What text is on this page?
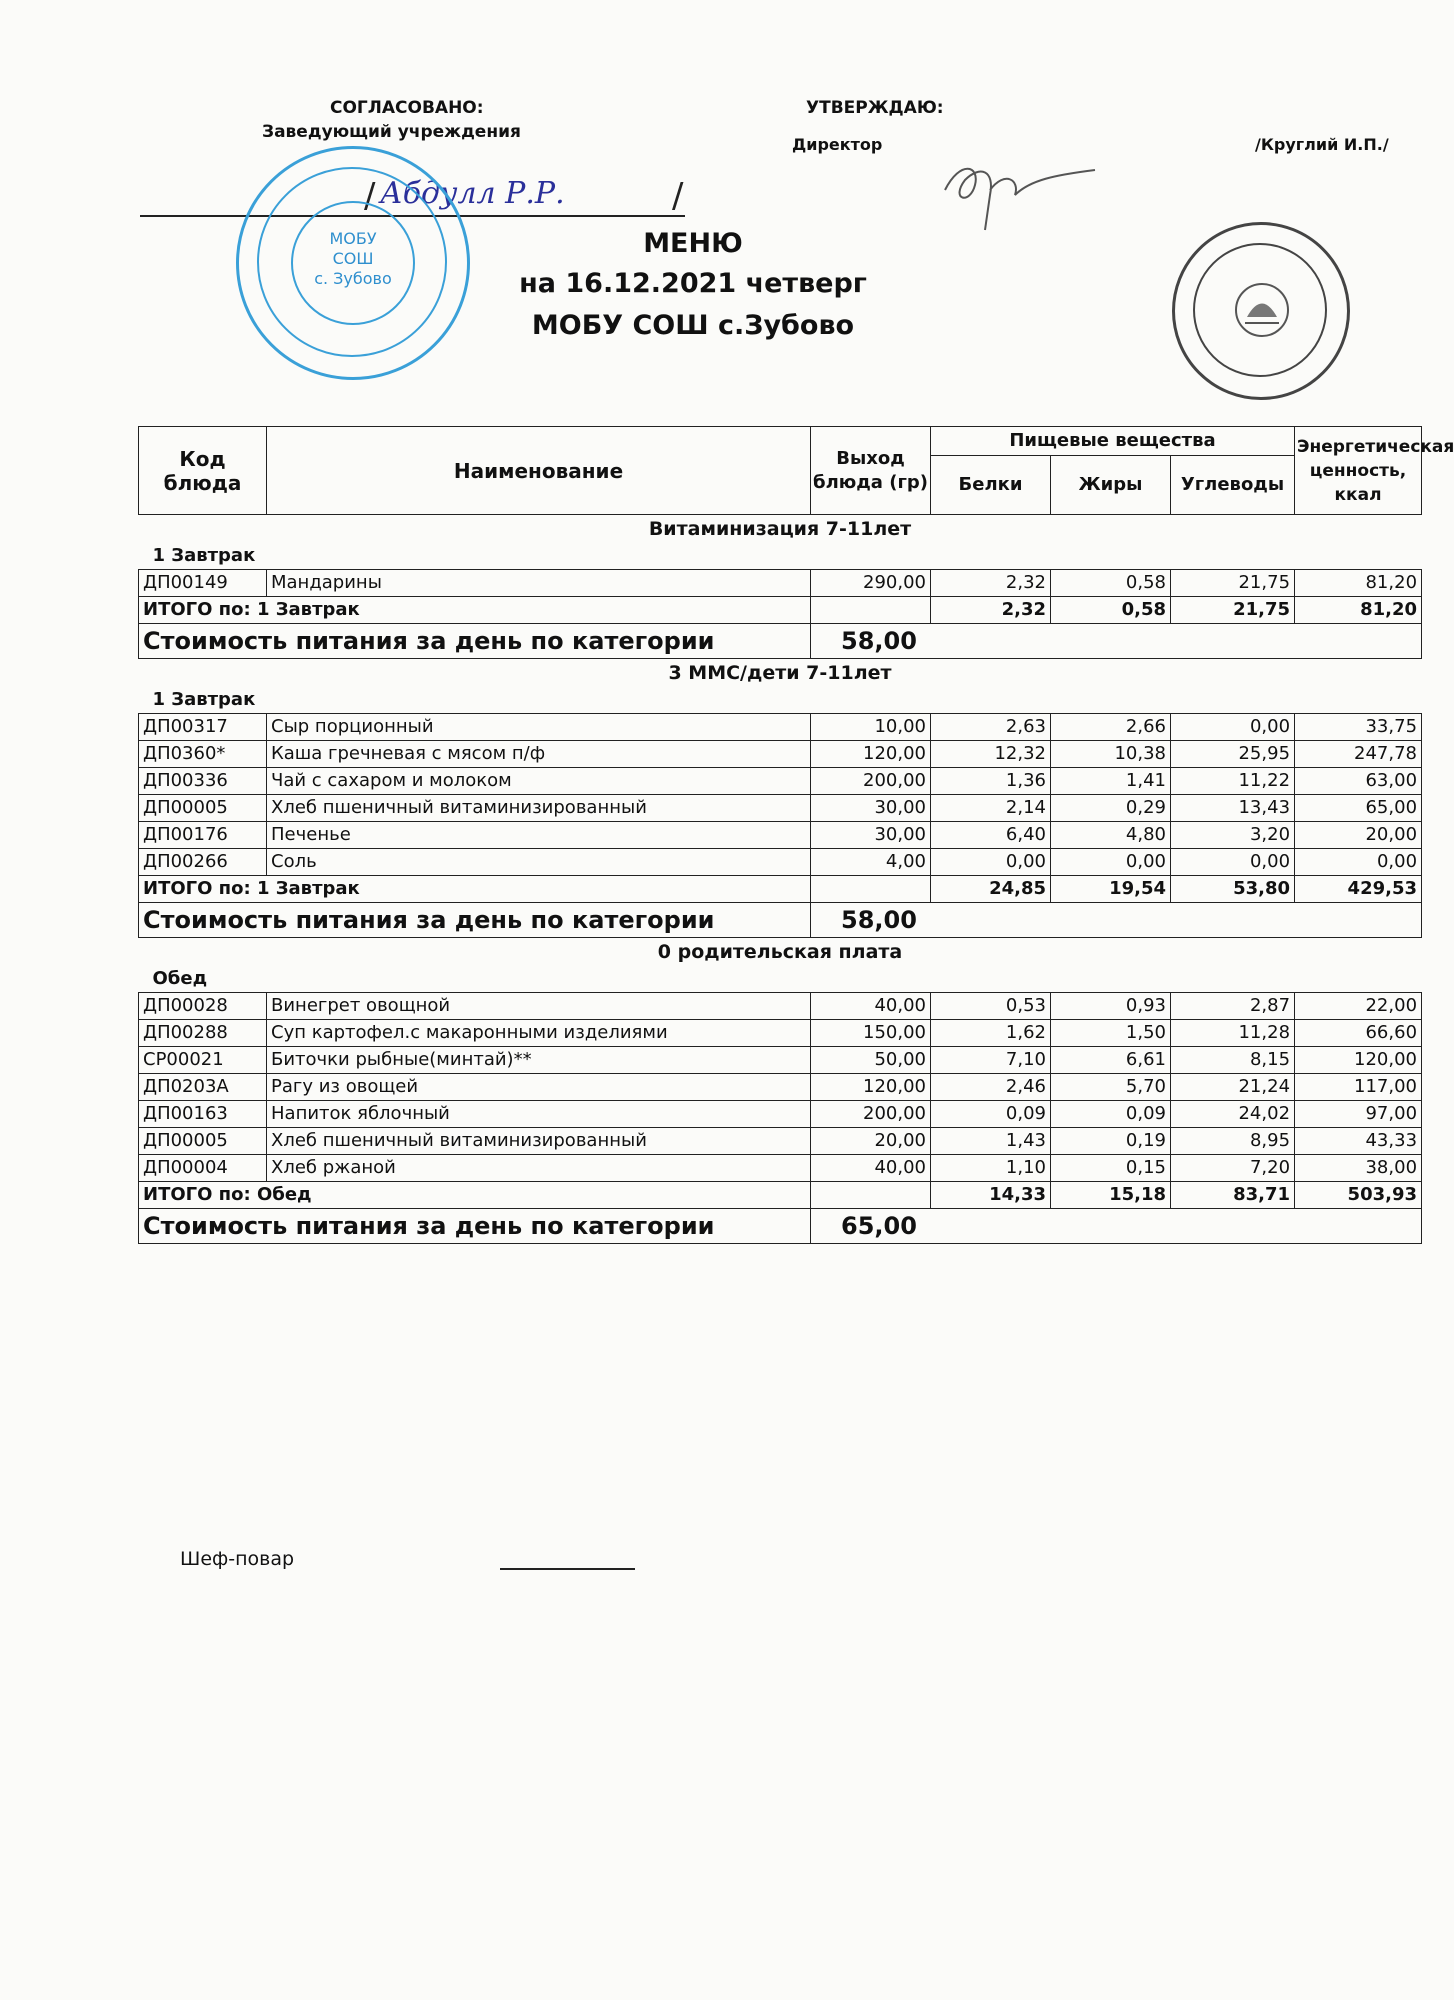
СОГЛАСОВАНО:
Заведующий учреждения
Абдулл Р.Р.
/	/
УТВЕРЖДАЮ:
Директор	/Круглий И.П./
МОБУ
СОШ
с. Зубово
МЕНЮ
на 16.12.2021 четверг
МОБУ СОШ с.Зубово
Код блюда	Наименование	Выход блюда (гр)	Пищевые вещества			Энергетическая ценность, ккал
			Белки	Жиры	Углеводы	
Витаминизация 7-11лет						
1 Завтрак						
ДП00149	Мандарины	290,00	2,32	0,58	21,75	81,20
ИТОГО по: 1 Завтрак			2,32	0,58	21,75	81,20
Стоимость питания за день по категории		58,00				
3 ММС/дети 7-11лет						
1 Завтрак						
ДП00317	Сыр порционный	10,00	2,63	2,66	0,00	33,75
ДП0360*	Каша гречневая с мясом п/ф	120,00	12,32	10,38	25,95	247,78
ДП00336	Чай с сахаром и молоком	200,00	1,36	1,41	11,22	63,00
ДП00005	Хлеб пшеничный витаминизированный	30,00	2,14	0,29	13,43	65,00
ДП00176	Печенье	30,00	6,40	4,80	3,20	20,00
ДП00266	Соль	4,00	0,00	0,00	0,00	0,00
ИТОГО по: 1 Завтрак			24,85	19,54	53,80	429,53
Стоимость питания за день по категории		58,00				
0 родительская плата						
Обед						
ДП00028	Винегрет овощной	40,00	0,53	0,93	2,87	22,00
ДП00288	Суп картофел.с макаронными изделиями	150,00	1,62	1,50	11,28	66,60
СР00021	Биточки рыбные(минтай)**	50,00	7,10	6,61	8,15	120,00
ДП0203А	Рагу из овощей	120,00	2,46	5,70	21,24	117,00
ДП00163	Напиток яблочный	200,00	0,09	0,09	24,02	97,00
ДП00005	Хлеб пшеничный витаминизированный	20,00	1,43	0,19	8,95	43,33
ДП00004	Хлеб ржаной	40,00	1,10	0,15	7,20	38,00
ИТОГО по: Обед			14,33	15,18	83,71	503,93
Стоимость питания за день по категории		65,00				
Шеф-повар
